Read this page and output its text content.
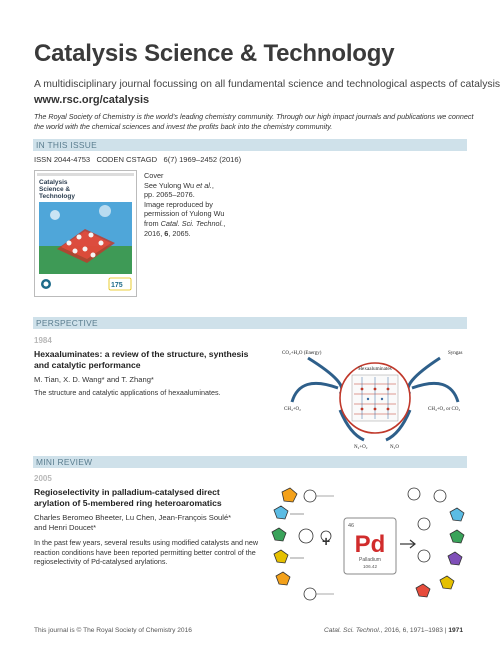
Catalysis Science & Technology
A multidisciplinary journal focussing on all fundamental science and technological aspects of catalysis
www.rsc.org/catalysis
The Royal Society of Chemistry is the world's leading chemistry community. Through our high impact journals and publications we connect the world with the chemical sciences and invest the profits back into the chemistry community.
IN THIS ISSUE
ISSN 2044-4753 CODEN CSTAGD 6(7) 1969–2452 (2016)
Catalysis
Science &
Technology
175
Cover
See Yulong Wu et al.,
pp. 2065–2076.
Image reproduced by
permission of Yulong Wu
from Catal. Sci. Technol.,
2016, 6, 2065.
PERSPECTIVE
1984
Hexaaluminates: a review of the structure, synthesis and catalytic performance
M. Tian, X. D. Wang* and T. Zhang*
The structure and catalytic applications of hexaaluminates.
Hexaaluminates
CO₂+H₂O (Energy)	Syngas
CH₄+O₂	CH₄+O₂ or CO₂
N₂+O₂	N₂O
MINI REVIEW
2005
Regioselectivity in palladium-catalysed direct arylation of 5-membered ring heteroaromatics
Charles Beromeo Bheeter, Lu Chen, Jean-François Soulé* and Henri Doucet*
In the past few years, several results using modified catalysts and new reaction conditions have been reported permitting better control of the regioselectivity of Pd-catalysed arylations.
+
46
Pd
Palladium
106.42
This journal is © The Royal Society of Chemistry 2016	Catal. Sci. Technol., 2016, 6, 1971–1983 | 1971
